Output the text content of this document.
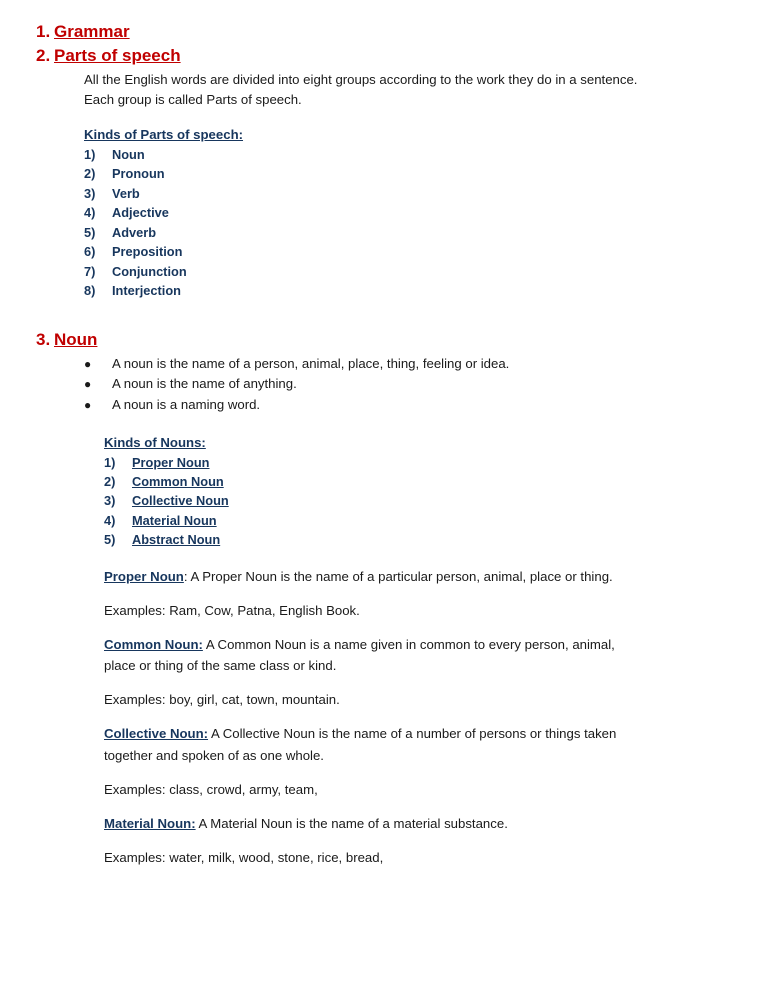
1. Grammar
2. Parts of speech

All the English words are divided into eight groups according to the work they do in a sentence. Each group is called Parts of speech.

Kinds of Parts of speech:
1)	Noun
2)	Pronoun
3)	Verb
4)	Adjective
5)	Adverb
6)	Preposition
7)	Conjunction
8)	Interjection
3. Noun
●	A noun is the name of a person, animal, place, thing, feeling or idea.
●	A noun is the name of anything.
●	A noun is a naming word.
Kinds of Nouns:
1)	Proper Noun
2)	Common Noun
3)	Collective Noun
4)	Material Noun
5)	Abstract Noun
Proper Noun: A Proper Noun is the name of a particular person, animal, place or thing.
Examples: Ram, Cow, Patna, English Book.
Common Noun: A Common Noun is a name given in common to every person, animal, place or thing of the same class or kind.
Examples: boy, girl, cat, town, mountain.
Collective Noun: A Collective Noun is the name of a number of persons or things taken together and spoken of as one whole.
Examples: class, crowd, army, team,
Material Noun: A Material Noun is the name of a material substance.
Examples: water, milk, wood, stone, rice, bread,
